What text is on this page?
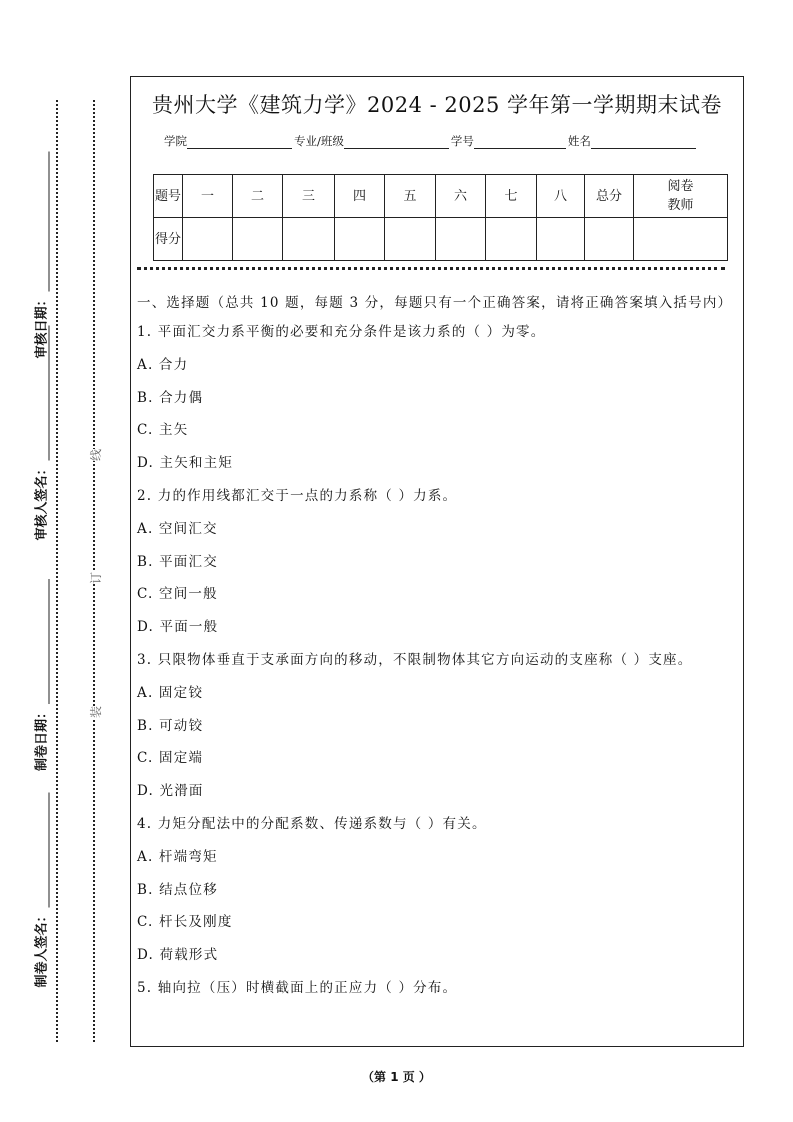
审核日期：
审核人签名：
制卷日期：
制卷人签名：
线
订
装
贵州大学《建筑力学》2024 - 2025 学年第一学期期末试卷
学院	专业/班级	学号	姓名
题号	一	二	三	四	五	六	七	八	总分	阅卷教师
得分										
一、选择题（总共 10 题，每题 3 分，每题只有一个正确答案，请将正确答案填入括号内）
1. 平面汇交力系平衡的必要和充分条件是该力系的（ ）为零。
A. 合力
B. 合力偶
C. 主矢
D. 主矢和主矩
2. 力的作用线都汇交于一点的力系称（ ）力系。
A. 空间汇交
B. 平面汇交
C. 空间一般
D. 平面一般
3. 只限物体垂直于支承面方向的移动，不限制物体其它方向运动的支座称（ ）支座。
A. 固定铰
B. 可动铰
C. 固定端
D. 光滑面
4. 力矩分配法中的分配系数、传递系数与（ ）有关。
A. 杆端弯矩
B. 结点位移
C. 杆长及刚度
D. 荷载形式
5. 轴向拉（压）时横截面上的正应力（ ）分布。
（第 1 页 ）
